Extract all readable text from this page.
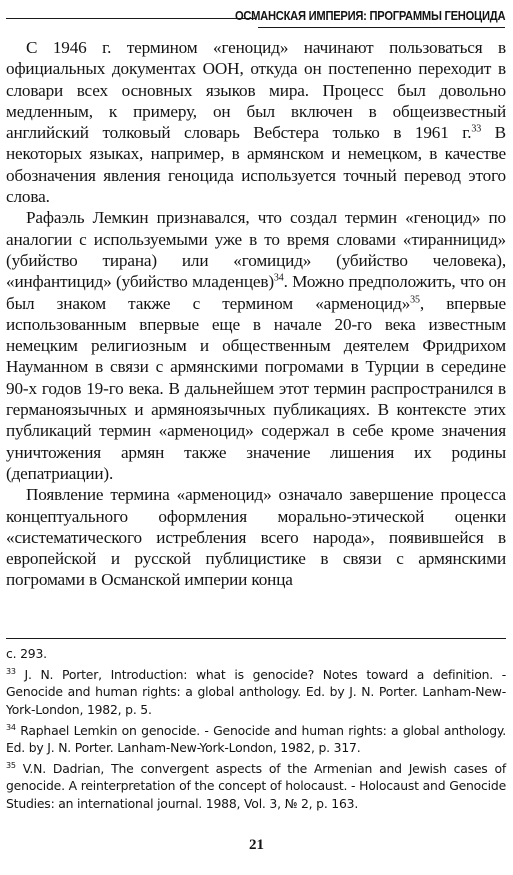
ОСМАНСКАЯ ИМПЕРИЯ: ПРОГРАММЫ ГЕНОЦИДА

С 1946 г. термином «геноцид» начинают пользоваться в официальных документах ООН, откуда он постепенно переходит в словари всех основных языков мира. Процесс был довольно медленным, к примеру, он был включен в общеизвестный английский толковый словарь Вебстера только в 1961 г.$^{33}$ В некоторых языках, например, в армянском и немецком, в качестве обозначения явления геноцида используется точный перевод этого слова.

Рафаэль Лемкин признавался, что создал термин «геноцид» по аналогии с используемыми уже в то время словами «тиранницид» (убийство тирана) или «гомицид» (убийство человека), «инфантицид» (убийство младенцев)$^{34}$. Можно предположить, что он был знаком также с термином «арменоцид»$^{35}$, впервые использованным впервые еще в начале 20-го века известным немецким религиозным и общественным деятелем Фридрихом Науманном в связи с армянскими погромами в Турции в середине 90-х годов 19-го века. В дальнейшем этот термин распространился в германоязычных и армяноязычных публикациях. В контексте этих публикаций термин «арменоцид» содержал в себе кроме значения уничтожения армян также значение лишения их родины (депатриации).

Появление термина «арменоцид» означало завершение процесса концептуального оформления морально-этической оценки «систематического истребления всего народа», появившейся в европейской и русской публицистике в связи с армянскими погромами в Османской империи конца

с. 293.

$^{33}$ J. N. Porter, Introduction: what is genocide? Notes toward a definition. - Genocide and human rights: a global anthology. Ed. by J. N. Porter. Lanham-New-York-London, 1982, p. 5.

$^{34}$ Raphael Lemkin on genocide. - Genocide and human rights: a global anthology. Ed. by J. N. Porter. Lanham-New-York-London, 1982, p. 317.

$^{35}$ V.N. Dadrian, The convergent aspects of the Armenian and Jewish cases of genocide. A reinterpretation of the concept of holocaust. - Holocaust and Genocide Studies: an international journal. 1988, Vol. 3, № 2, p. 163.

21
